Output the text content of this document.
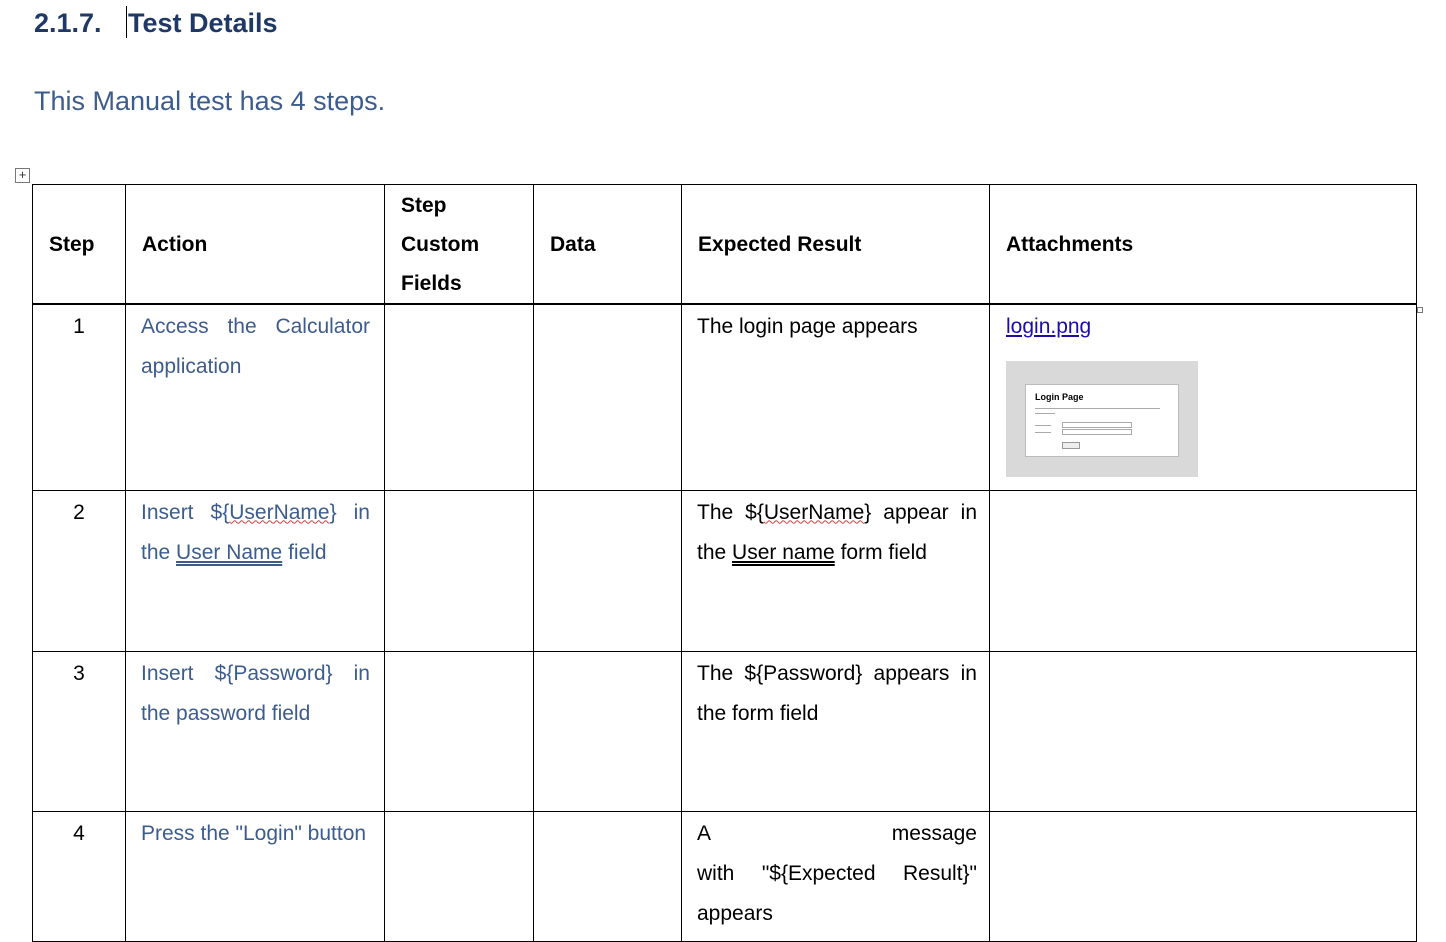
2.1.7. Test Details
This Manual test has 4 steps.
+
Step	Action	Step
Custom
Fields	Data	Expected Result	Attachments

1	Access the Calculator application			The login page appears	login.png
Login Page

2	Insert ${UserName} in the User Name field			The ${UserName} appear in the User name form field	

3	Insert ${Password} in the password field			The ${Password} appears in the form field	

4	Press the "Login" button			A message
with "${Expected Result}" appears	
